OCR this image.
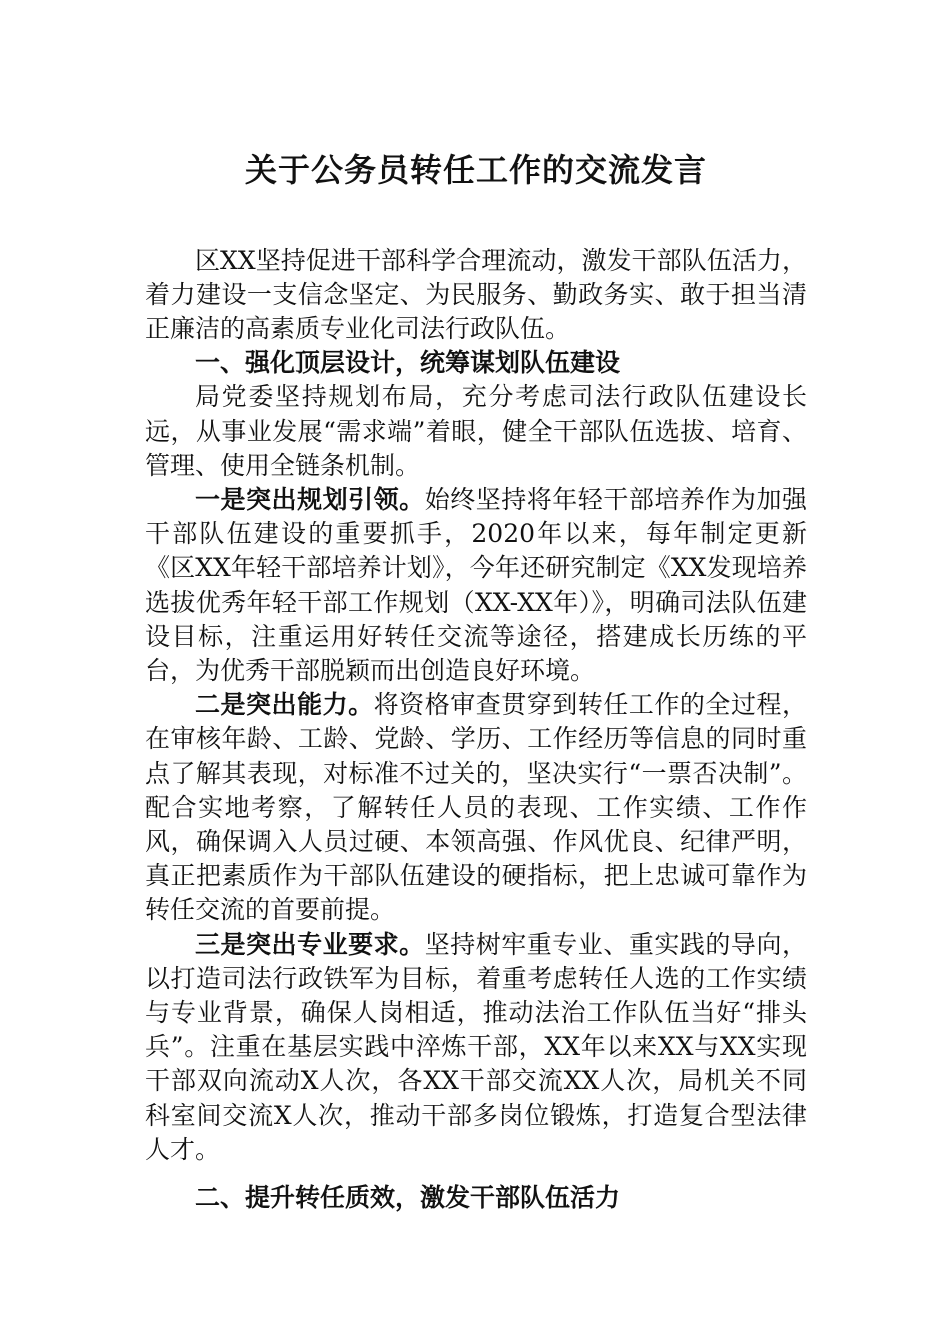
关于公务员转任工作的交流发言

区XX坚持促进干部科学合理流动，激发干部队伍活力，着力建设一支信念坚定、为民服务、勤政务实、敢于担当清正廉洁的高素质专业化司法行政队伍。

一、强化顶层设计，统筹谋划队伍建设

局党委坚持规划布局，充分考虑司法行政队伍建设长远，从事业发展“需求端”着眼，健全干部队伍选拔、培育、管理、使用全链条机制。

一是突出规划引领。始终坚持将年轻干部培养作为加强干部队伍建设的重要抓手，2020年以来，每年制定更新《区XX年轻干部培养计划》，今年还研究制定《XX发现培养选拔优秀年轻干部工作规划（XX-XX年）》，明确司法队伍建设目标，注重运用好转任交流等途径，搭建成长历练的平台，为优秀干部脱颖而出创造良好环境。

二是突出能力。将资格审查贯穿到转任工作的全过程，在审核年龄、工龄、党龄、学历、工作经历等信息的同时重点了解其表现，对标准不过关的，坚决实行“一票否决制”。配合实地考察，了解转任人员的表现、工作实绩、工作作风，确保调入人员过硬、本领高强、作风优良、纪律严明，真正把素质作为干部队伍建设的硬指标，把上忠诚可靠作为转任交流的首要前提。

三是突出专业要求。坚持树牢重专业、重实践的导向，以打造司法行政铁军为目标，着重考虑转任人选的工作实绩与专业背景，确保人岗相适，推动法治工作队伍当好“排头兵”。注重在基层实践中淬炼干部，XX年以来XX与XX实现干部双向流动X人次，各XX干部交流XX人次，局机关不同科室间交流X人次，推动干部多岗位锻炼，打造复合型法律人才。

二、提升转任质效，激发干部队伍活力
